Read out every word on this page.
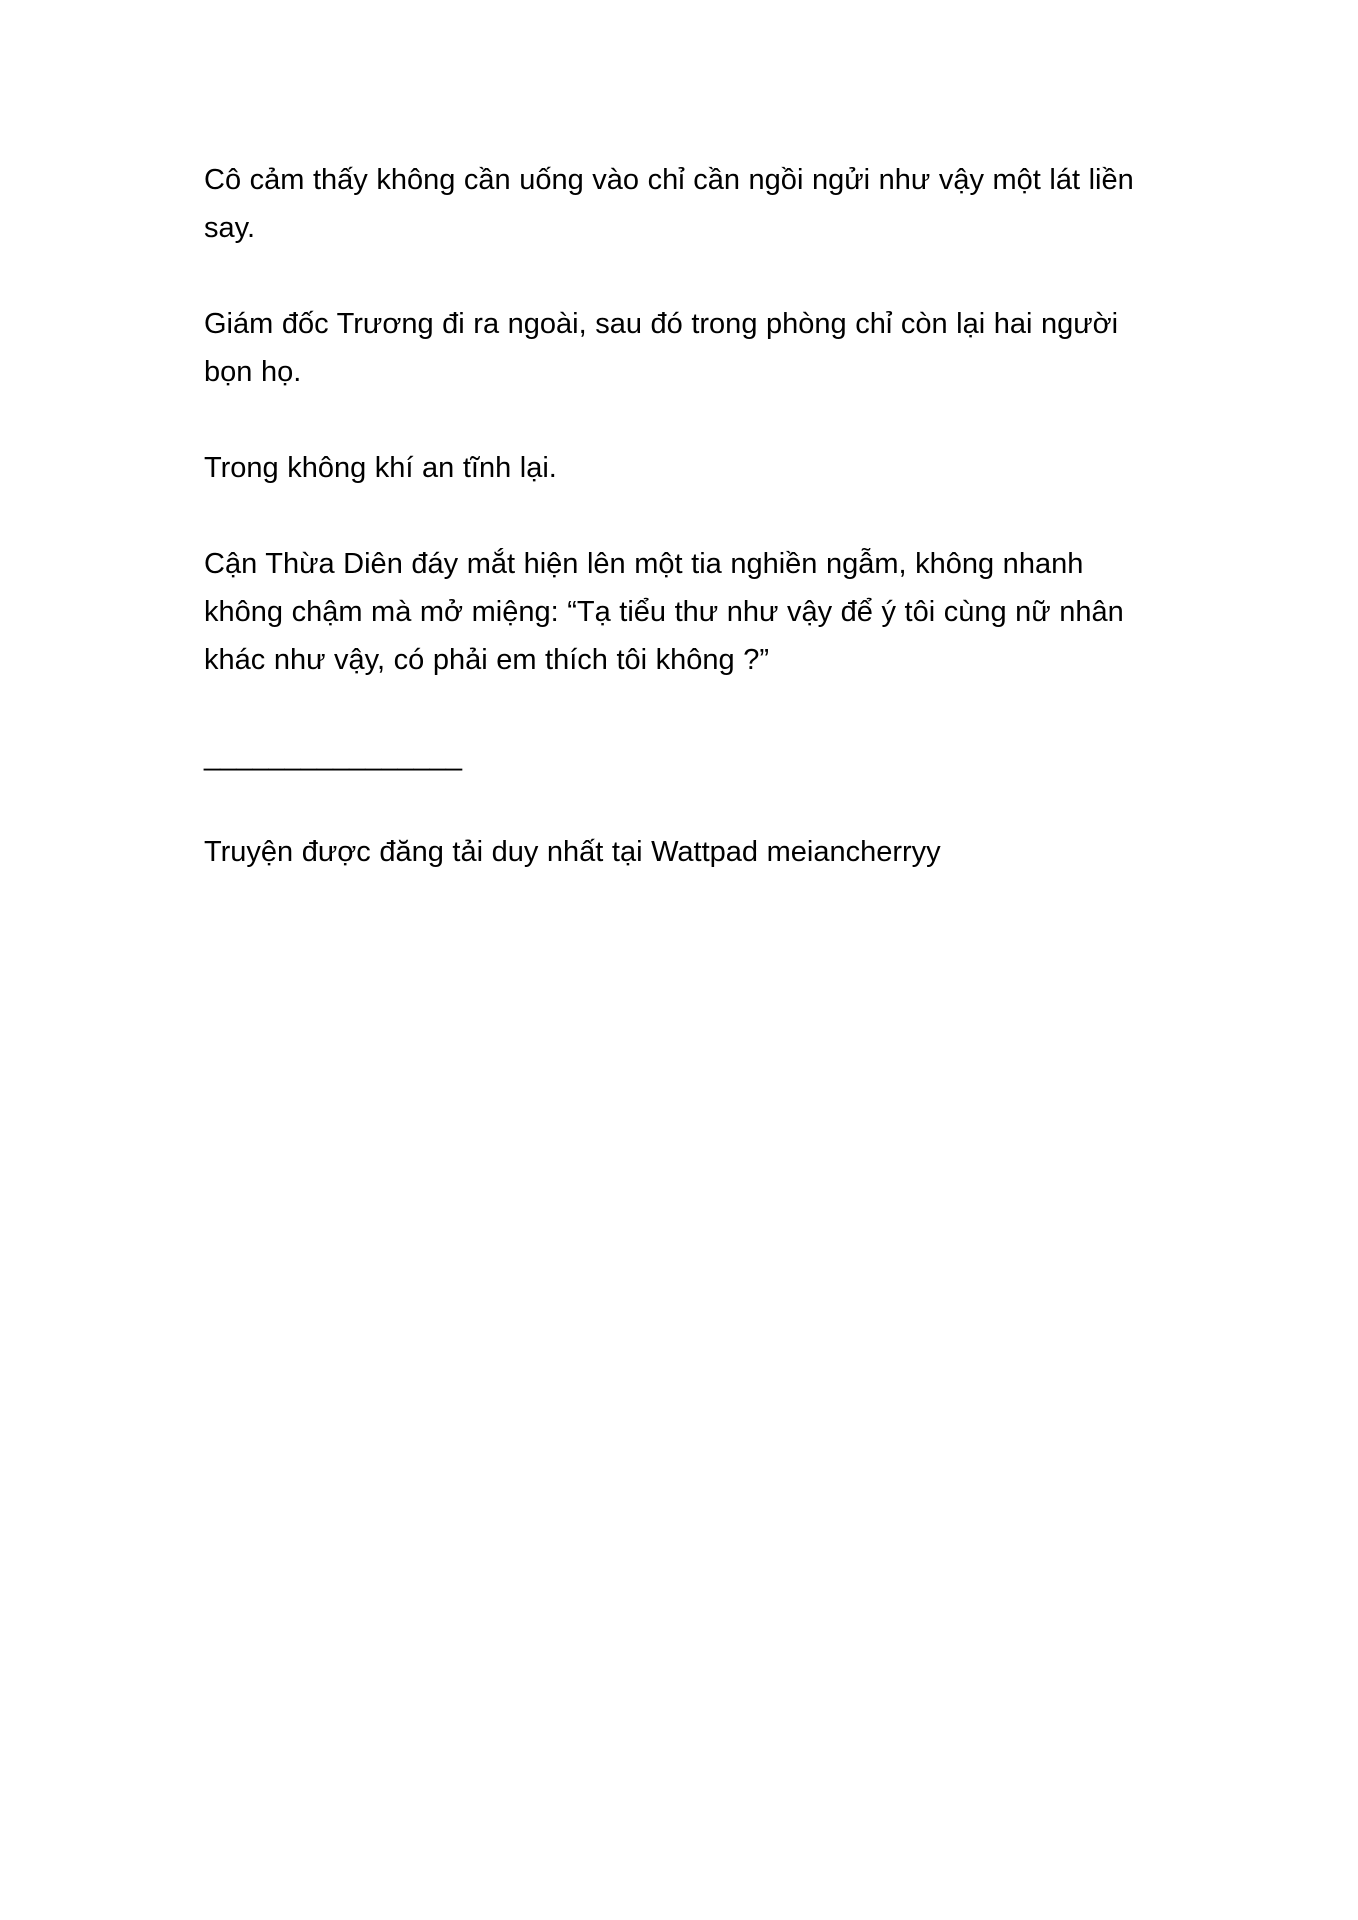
Cô cảm thấy không cần uống vào chỉ cần ngồi ngửi như vậy một lát liền say.

Giám đốc Trương đi ra ngoài, sau đó trong phòng chỉ còn lại hai người bọn họ.

Trong không khí an tĩnh lại.

Cận Thừa Diên đáy mắt hiện lên một tia nghiền ngẫm, không nhanh không chậm mà mở miệng: “Tạ tiểu thư như vậy để ý tôi cùng nữ nhân khác như vậy, có phải em thích tôi không ?”

________________

Truyện được đăng tải duy nhất tại Wattpad meiancherryy
